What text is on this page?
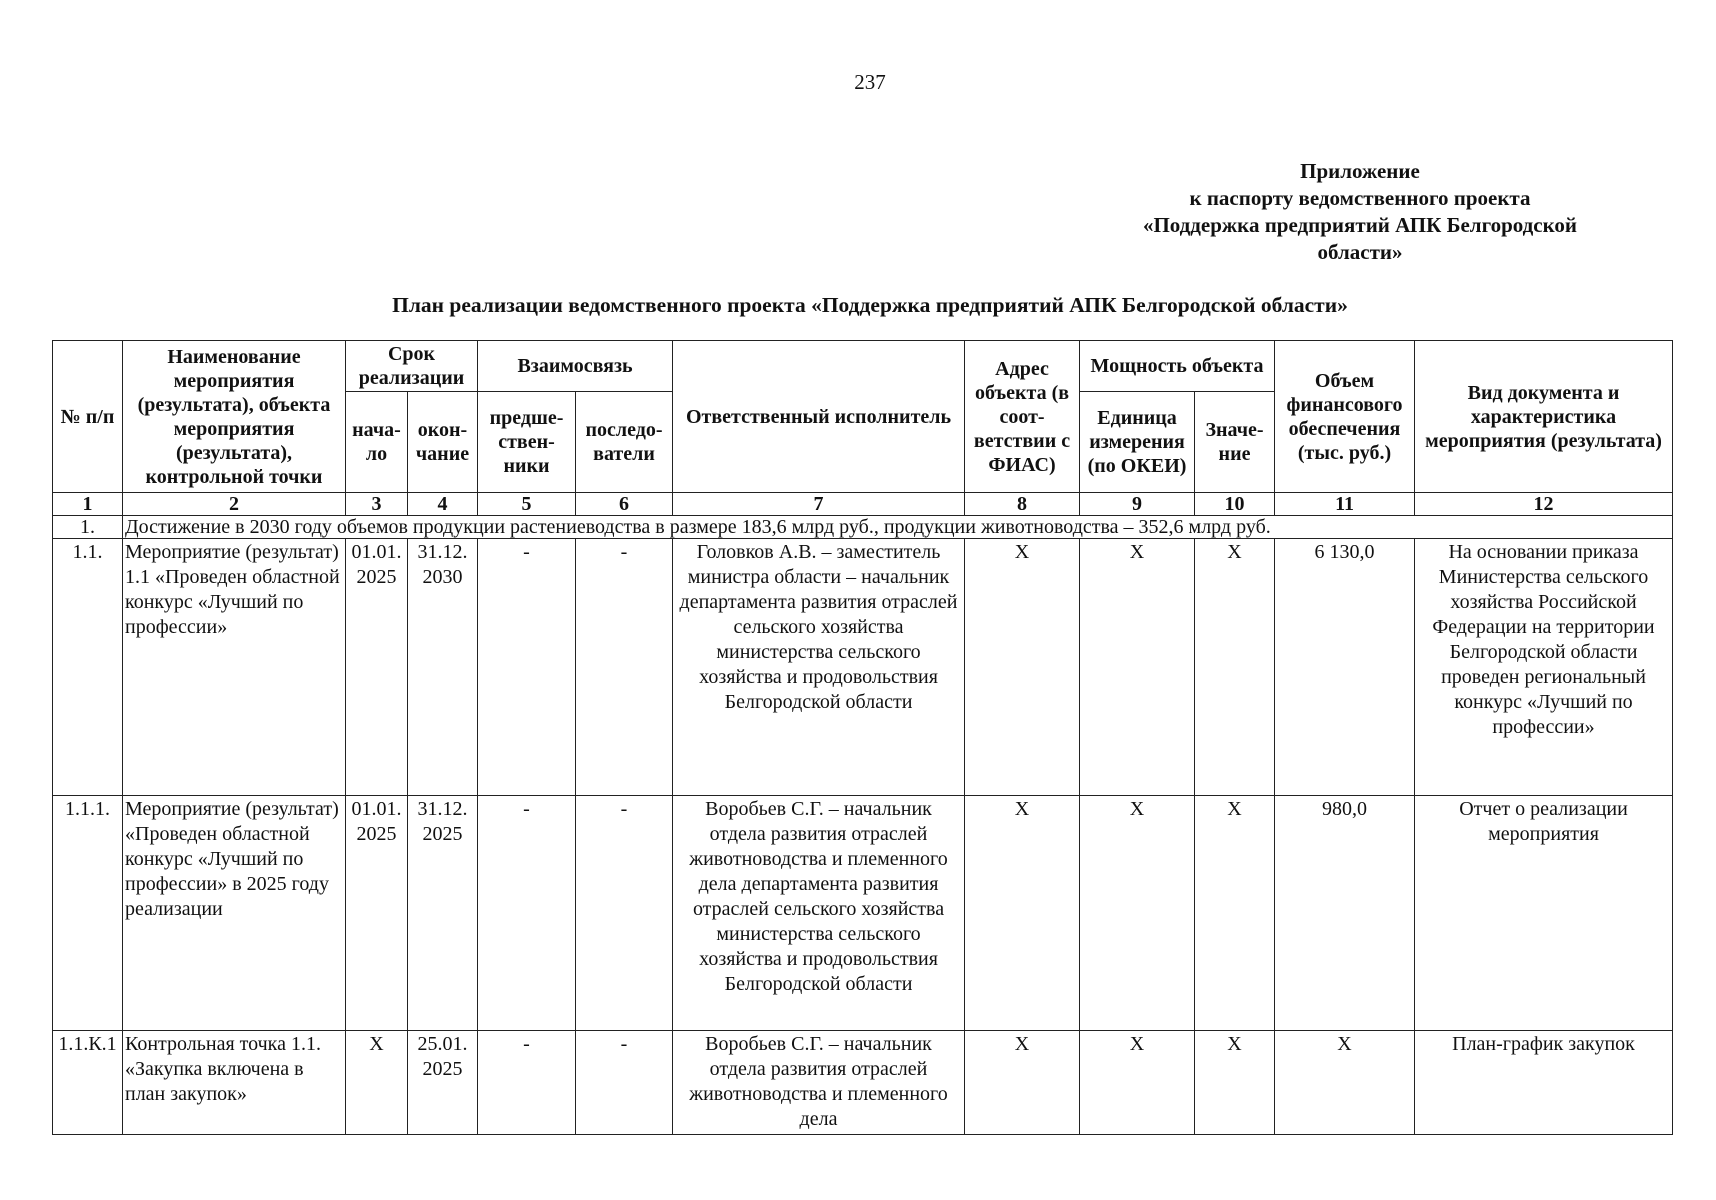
237
Приложение
к паспорту ведомственного проекта
«Поддержка предприятий АПК Белгородской
области»
План реализации ведомственного проекта «Поддержка предприятий АПК Белгородской области»
№ п/п	Наименование мероприятия (результата), объекта мероприятия (результата), контрольной точки	Срок реализации		Взаимосвязь		Ответственный исполнитель	Адрес объекта (в соот-ветствии с ФИАС)	Мощность объекта		Объем финансового обеспечения (тыс. руб.)	Вид документа и характеристика мероприятия (результата)
		нача-ло	окон-чание	предше-ствен-ники	последо-ватели			Единица измерения (по ОКЕИ)	Значе-ние		
1	2	3	4	5	6	7	8	9	10	11	12
1.	Достижение в 2030 году объемов продукции растениеводства в размере 183,6 млрд руб., продукции животноводства – 352,6 млрд руб.										
1.1.	Мероприятие (результат) 1.1 «Проведен областной конкурс «Лучший по профессии»	01.01. 2025	31.12. 2030	-	-	Головков А.В. – заместитель министра области – начальник департамента развития отраслей сельского хозяйства министерства сельского хозяйства и продовольствия Белгородской области	X	X	X	6 130,0	На основании приказа Министерства сельского хозяйства Российской Федерации на территории Белгородской области проведен региональный конкурс «Лучший по профессии»
1.1.1.	Мероприятие (результат) «Проведен областной конкурс «Лучший по профессии» в 2025 году реализации	01.01. 2025	31.12. 2025	-	-	Воробьев С.Г. – начальник отдела развития отраслей животноводства и племенного дела департамента развития отраслей сельского хозяйства министерства сельского хозяйства и продовольствия Белгородской области	X	X	X	980,0	Отчет о реализации мероприятия
1.1.К.1	Контрольная точка 1.1. «Закупка включена в план закупок»	X	25.01. 2025	-	-	Воробьев С.Г. – начальник отдела развития отраслей животноводства и племенного дела	X	X	X	X	План-график закупок
